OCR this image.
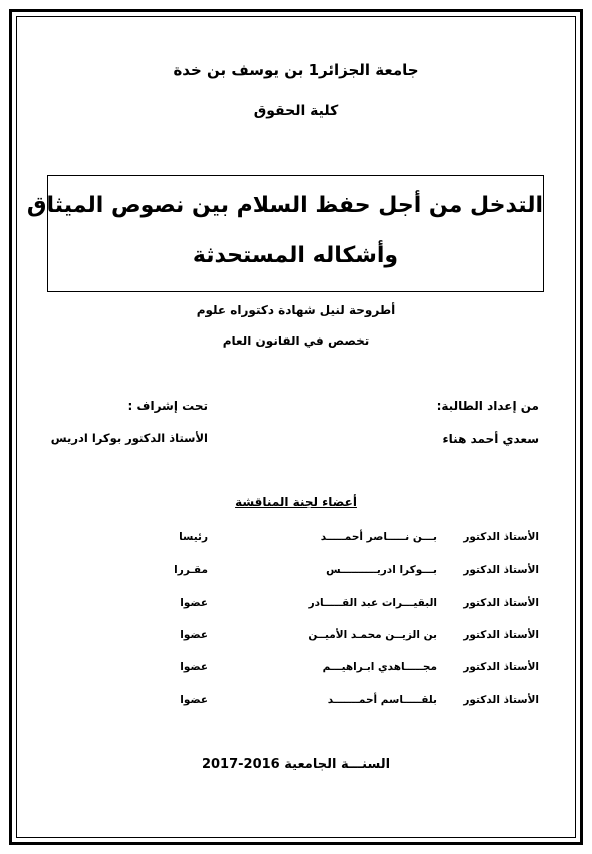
جامعة الجزائر1 بن يوسف بن خدة
كلية الحقوق
التدخل من أجل حفظ السلام بين نصوص الميثاق
وأشكاله المستحدثة
أطروحة لنيل شهادة دكتوراه علوم
تخصص في القانون العام
من إعداد الطالبة:
سعدي أحمد هناء
تحت إشراف :
الأستاذ الدكتور بوكرا ادريس
أعضاء لجنة المناقشة
الأستاذ الدكتور
بـــن نـــــاصر أحمـــــد
رئيسا
الأستاذ الدكتور
بـــوكرا ادريــــــــــس
مقـررا
الأستاذ الدكتور
البقيـــرات عبد القـــــادر
عضوا
الأستاذ الدكتور
بن الزيــن محمـد الأميــن
عضوا
الأستاذ الدكتور
مجـــــاهدي ابـراهيـــم
عضوا
الأستاذ الدكتور
بلقـــــاسم أحمـــــــد
عضوا
السنـــة الجامعية 2016-2017
